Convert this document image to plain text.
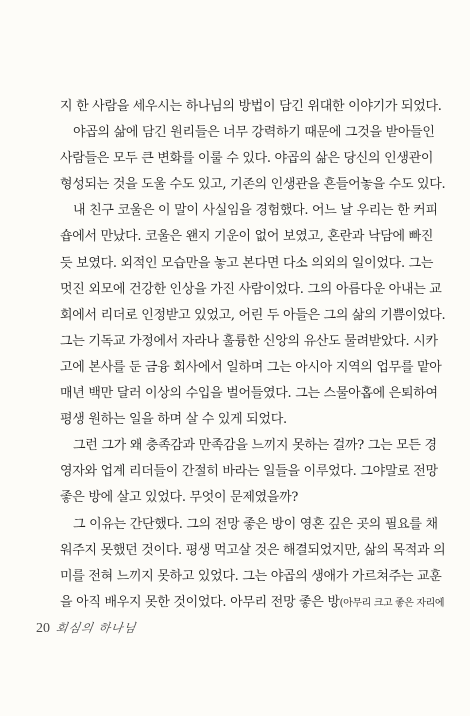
지 한 사람을 세우시는 하나님의 방법이 담긴 위대한 이야기가 되었다.
야곱의 삶에 담긴 원리들은 너무 강력하기 때문에 그것을 받아들인
사람들은 모두 큰 변화를 이룰 수 있다. 야곱의 삶은 당신의 인생관이
형성되는 것을 도울 수도 있고, 기존의 인생관을 흔들어놓을 수도 있다.
내 친구 코울은 이 말이 사실임을 경험했다. 어느 날 우리는 한 커피
숍에서 만났다. 코울은 왠지 기운이 없어 보였고, 혼란과 낙담에 빠진
듯 보였다. 외적인 모습만을 놓고 본다면 다소 의외의 일이었다. 그는
멋진 외모에 건강한 인상을 가진 사람이었다. 그의 아름다운 아내는 교
회에서 리더로 인정받고 있었고, 어린 두 아들은 그의 삶의 기쁨이었다.
그는 기독교 가정에서 자라나 훌륭한 신앙의 유산도 물려받았다. 시카
고에 본사를 둔 금융 회사에서 일하며 그는 아시아 지역의 업무를 맡아
매년 백만 달러 이상의 수입을 벌어들였다. 그는 스물아홉에 은퇴하여
평생 원하는 일을 하며 살 수 있게 되었다.
그런 그가 왜 충족감과 만족감을 느끼지 못하는 걸까? 그는 모든 경
영자와 업계 리더들이 간절히 바라는 일들을 이루었다. 그야말로 전망
좋은 방에 살고 있었다. 무엇이 문제였을까?
그 이유는 간단했다. 그의 전망 좋은 방이 영혼 깊은 곳의 필요를 채
워주지 못했던 것이다. 평생 먹고살 것은 해결되었지만, 삶의 목적과 의
미를 전혀 느끼지 못하고 있었다. 그는 야곱의 생애가 가르쳐주는 교훈
을 아직 배우지 못한 것이었다. 아무리 전망 좋은 방(아무리 크고 좋은 자리에
20 회심의 하나님
